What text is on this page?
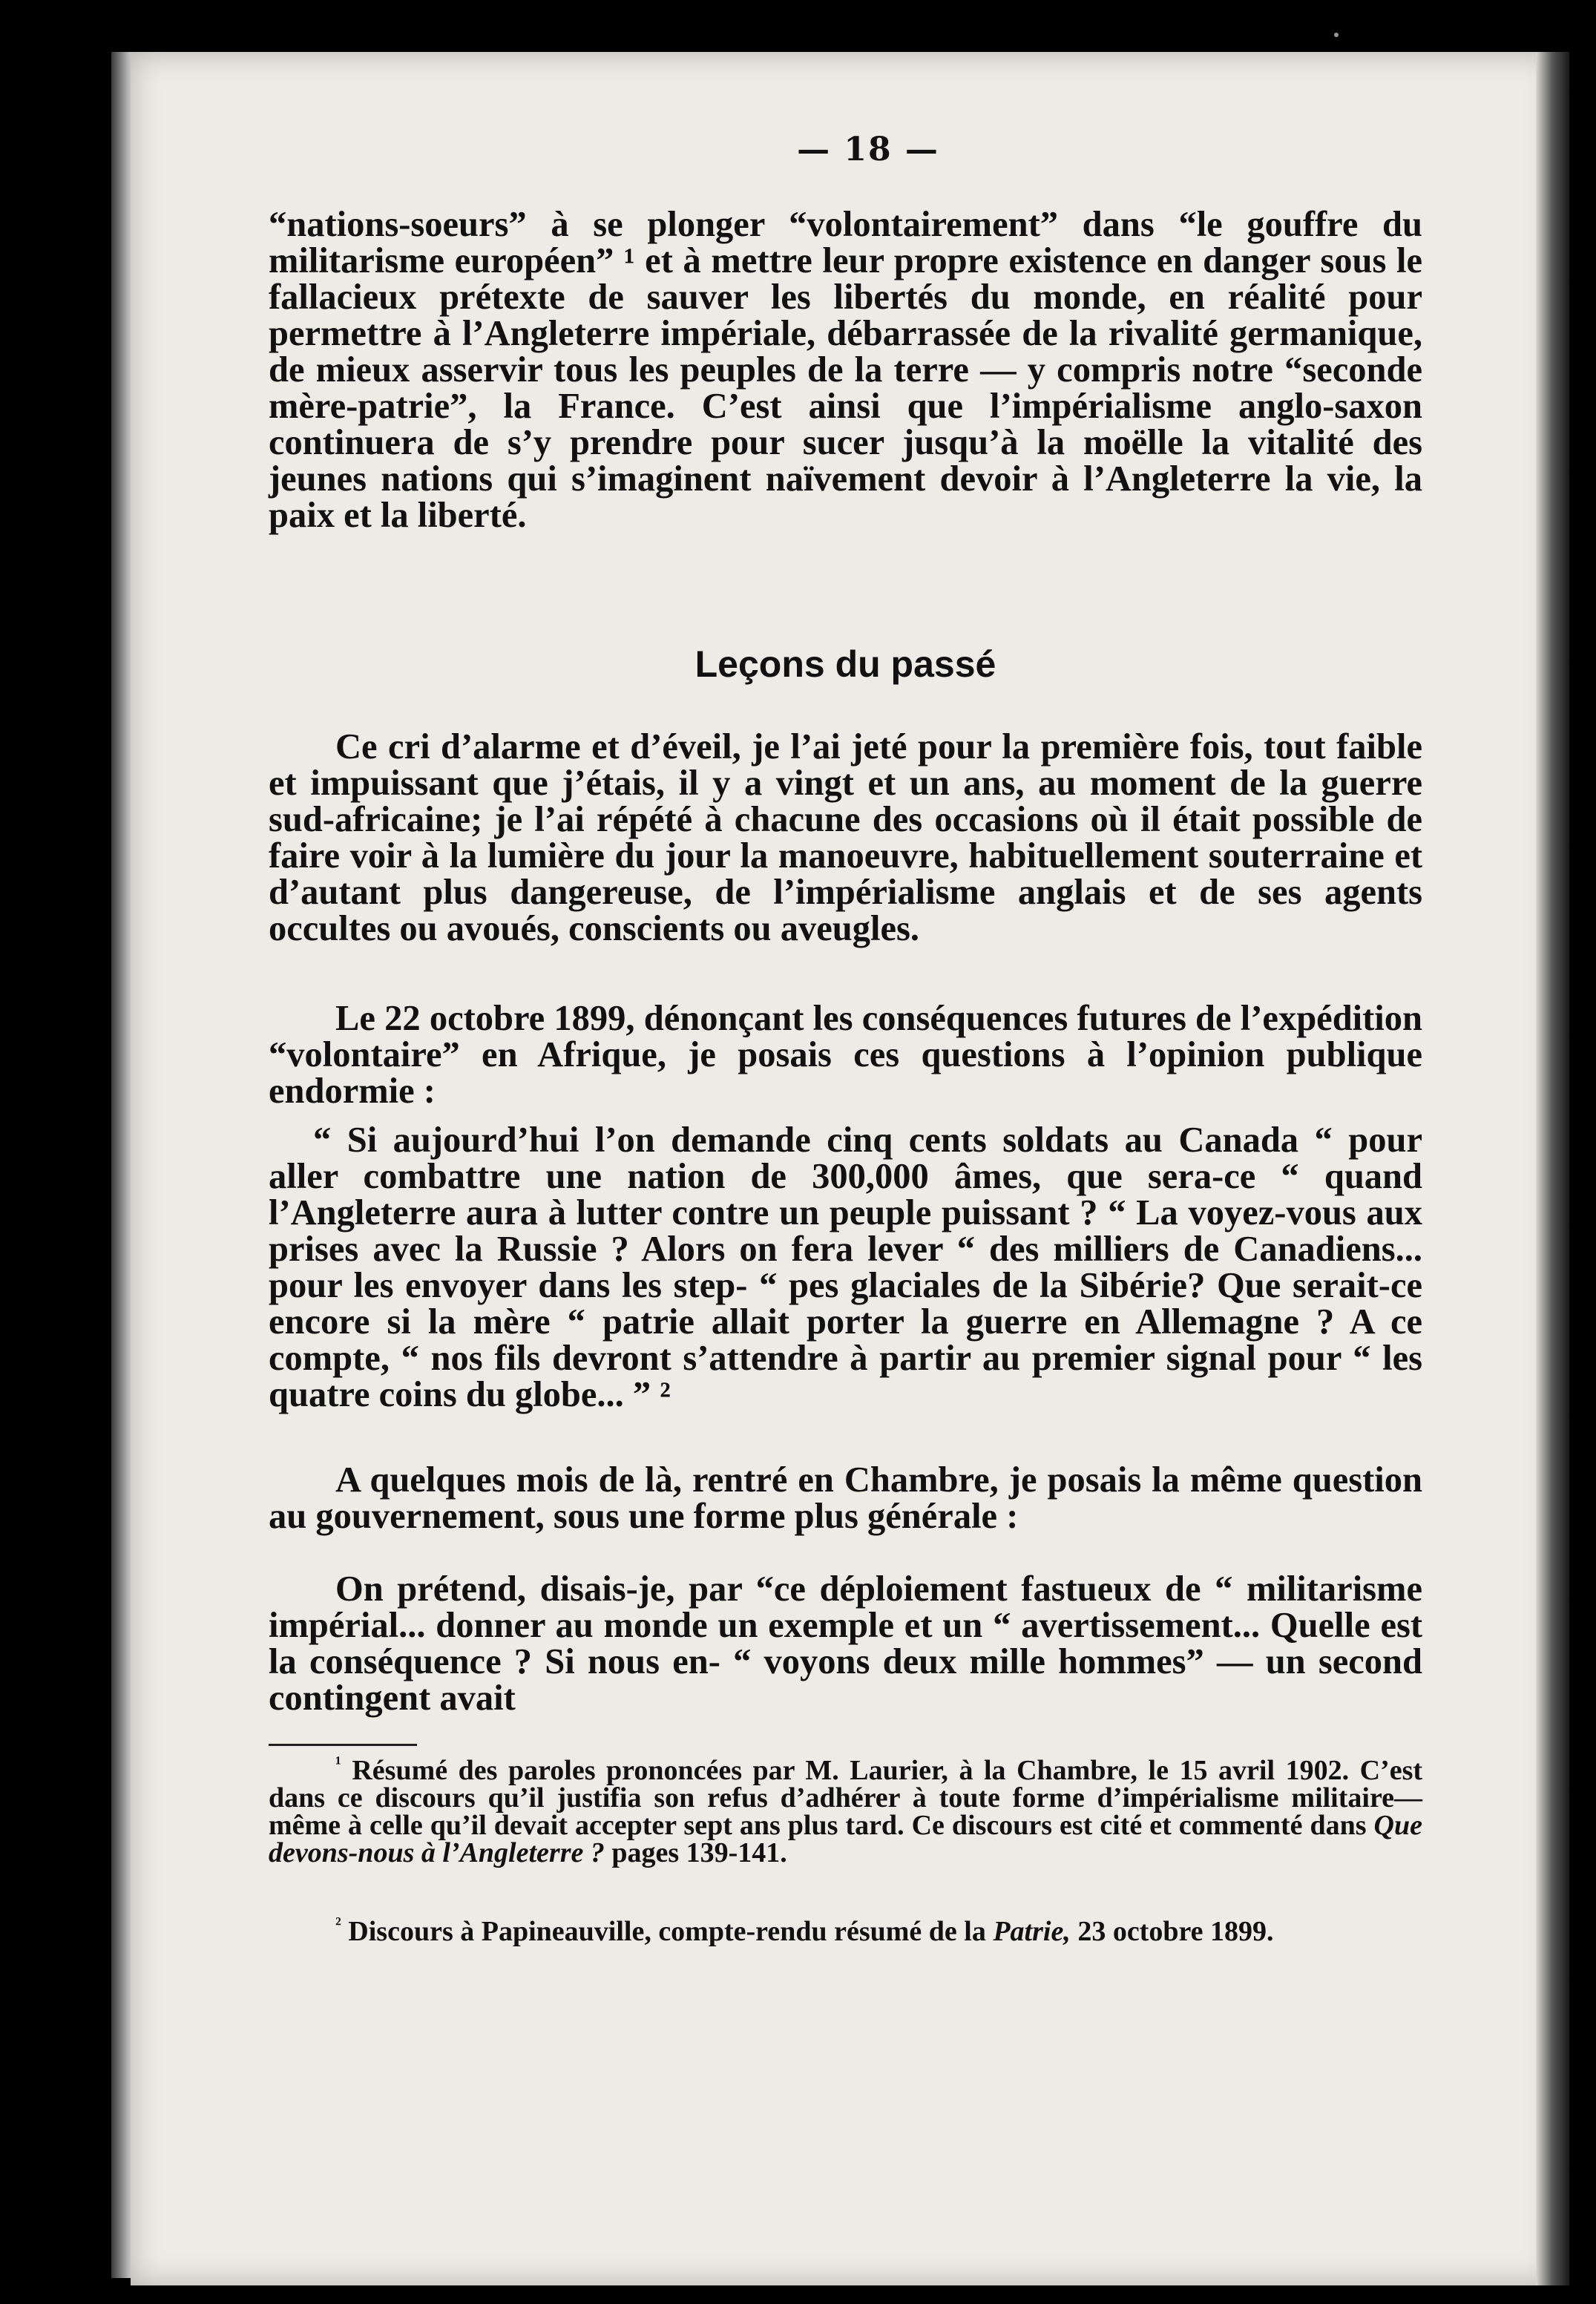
— 18 —
“nations-soeurs” à se plonger “volontairement” dans “le gouffre du militarisme européen” ¹ et à mettre leur propre existence en danger sous le fallacieux prétexte de sauver les libertés du monde, en réalité pour permettre à l’Angleterre impériale, débarrassée de la rivalité germanique, de mieux asservir tous les peuples de la terre — y compris notre “seconde mère-patrie”, la France. C’est ainsi que l’impérialisme anglo-saxon continuera de s’y prendre pour sucer jusqu’à la moëlle la vitalité des jeunes nations qui s’imaginent naïvement devoir à l’Angleterre la vie, la paix et la liberté.
Leçons du passé
Ce cri d’alarme et d’éveil, je l’ai jeté pour la première fois, tout faible et impuissant que j’étais, il y a vingt et un ans, au moment de la guerre sud-africaine; je l’ai répété à chacune des occasions où il était possible de faire voir à la lumière du jour la manoeuvre, habituellement souterraine et d’autant plus dangereuse, de l’impérialisme anglais et de ses agents occultes ou avoués, conscients ou aveugles.
Le 22 octobre 1899, dénonçant les conséquences futures de l’expédition “volontaire” en Afrique, je posais ces questions à l’opinion publique endormie :
“ Si aujourd’hui l’on demande cinq cents soldats au Canada “ pour aller combattre une nation de 300,000 âmes, que sera-ce “ quand l’Angleterre aura à lutter contre un peuple puissant ? “ La voyez-vous aux prises avec la Russie ? Alors on fera lever “ des milliers de Canadiens... pour les envoyer dans les step- “ pes glaciales de la Sibérie? Que serait-ce encore si la mère “ patrie allait porter la guerre en Allemagne ? A ce compte, “ nos fils devront s’attendre à partir au premier signal pour “ les quatre coins du globe... ” ²
A quelques mois de là, rentré en Chambre, je posais la même question au gouvernement, sous une forme plus générale :
On prétend, disais-je, par “ce déploiement fastueux de “ militarisme impérial... donner au monde un exemple et un “ avertissement... Quelle est la conséquence ? Si nous en- “ voyons deux mille hommes” — un second contingent avait
$^{^1}$ Résumé des paroles prononcées par M. Laurier, à la Chambre, le 15 avril 1902. C’est dans ce discours qu’il justifia son refus d’adhérer à toute forme d’impérialisme militaire—même à celle qu’il devait accepter sept ans plus tard. Ce discours est cité et commenté dans Que devons-nous à l’Angleterre ? pages 139-141.
$^{^2}$ Discours à Papineauville, compte-rendu résumé de la Patrie, 23 octobre 1899.
